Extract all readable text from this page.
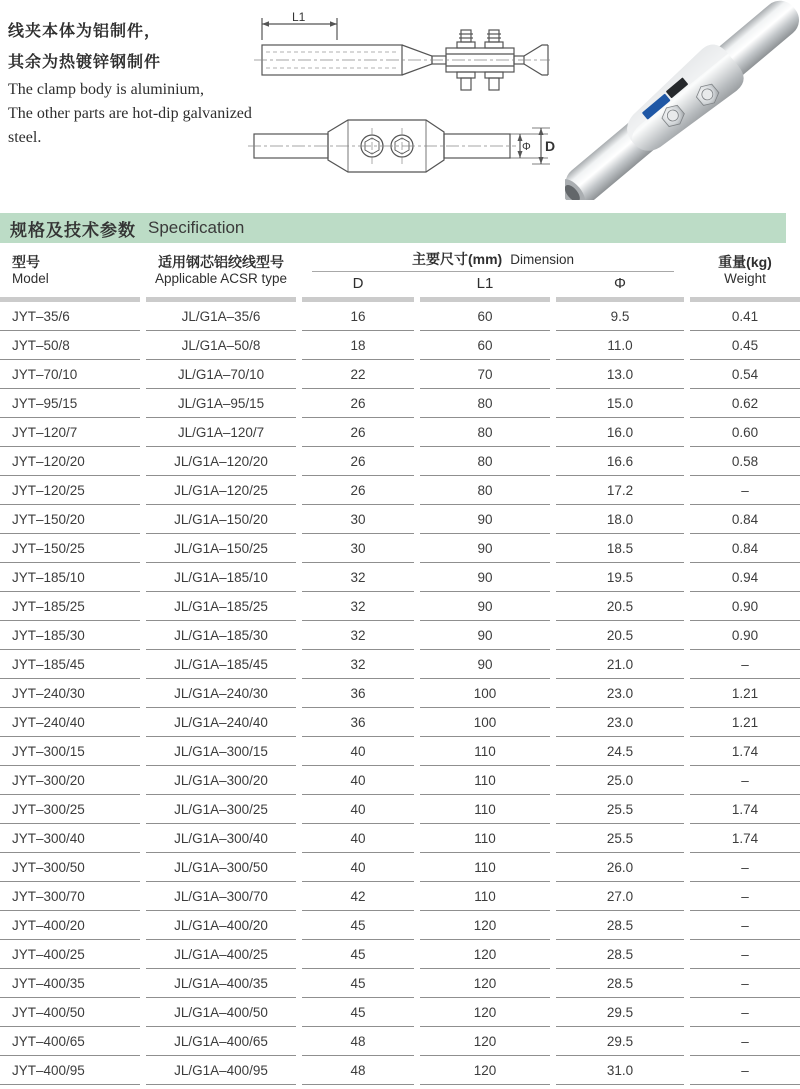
线夹本体为铝制件，
其余为热镀锌钢制件
The clamp body is aluminium,
The other parts are hot-dip galvanized steel.
L1
Φ D
规格及技术参数 Specification
型号
Model
适用钢芯铝绞线型号
Applicable ACSR type
主要尺寸(mm) Dimension
D	L1	Φ
重量(kg)
Weight
JYT–35/6	JL/G1A–35/6	16	60	9.5	0.41
JYT–50/8	JL/G1A–50/8	18	60	11.0	0.45
JYT–70/10	JL/G1A–70/10	22	70	13.0	0.54
JYT–95/15	JL/G1A–95/15	26	80	15.0	0.62
JYT–120/7	JL/G1A–120/7	26	80	16.0	0.60
JYT–120/20	JL/G1A–120/20	26	80	16.6	0.58
JYT–120/25	JL/G1A–120/25	26	80	17.2	–
JYT–150/20	JL/G1A–150/20	30	90	18.0	0.84
JYT–150/25	JL/G1A–150/25	30	90	18.5	0.84
JYT–185/10	JL/G1A–185/10	32	90	19.5	0.94
JYT–185/25	JL/G1A–185/25	32	90	20.5	0.90
JYT–185/30	JL/G1A–185/30	32	90	20.5	0.90
JYT–185/45	JL/G1A–185/45	32	90	21.0	–
JYT–240/30	JL/G1A–240/30	36	100	23.0	1.21
JYT–240/40	JL/G1A–240/40	36	100	23.0	1.21
JYT–300/15	JL/G1A–300/15	40	110	24.5	1.74
JYT–300/20	JL/G1A–300/20	40	110	25.0	–
JYT–300/25	JL/G1A–300/25	40	110	25.5	1.74
JYT–300/40	JL/G1A–300/40	40	110	25.5	1.74
JYT–300/50	JL/G1A–300/50	40	110	26.0	–
JYT–300/70	JL/G1A–300/70	42	110	27.0	–
JYT–400/20	JL/G1A–400/20	45	120	28.5	–
JYT–400/25	JL/G1A–400/25	45	120	28.5	–
JYT–400/35	JL/G1A–400/35	45	120	28.5	–
JYT–400/50	JL/G1A–400/50	45	120	29.5	–
JYT–400/65	JL/G1A–400/65	48	120	29.5	–
JYT–400/95	JL/G1A–400/95	48	120	31.0	–
